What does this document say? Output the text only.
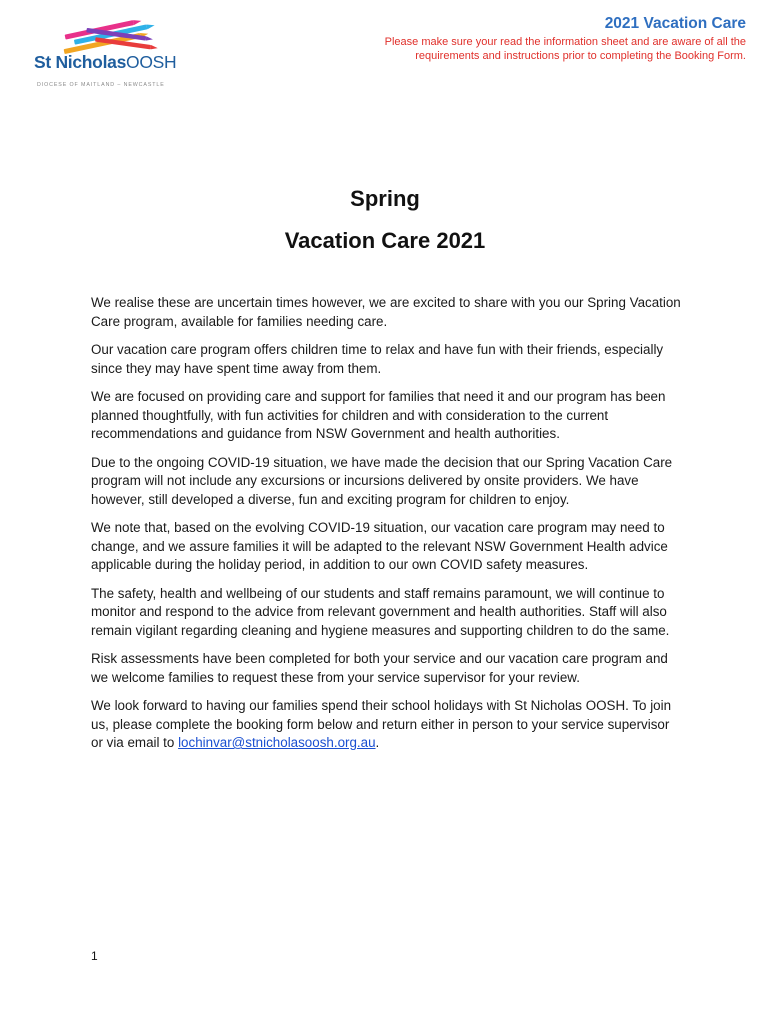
St NicholasOOSH
DIOCESE OF MAITLAND – NEWCASTLE
2021 Vacation Care
Please make sure your read the information sheet and are aware of all the
requirements and instructions prior to completing the Booking Form.
Spring
Vacation Care 2021

We realise these are uncertain times however, we are excited to share with you our Spring Vacation Care program, available for families needing care.

Our vacation care program offers children time to relax and have fun with their friends, especially since they may have spent time away from them.

We are focused on providing care and support for families that need it and our program has been planned thoughtfully, with fun activities for children and with consideration to the current recommendations and guidance from NSW Government and health authorities.

Due to the ongoing COVID-19 situation, we have made the decision that our Spring Vacation Care program will not include any excursions or incursions delivered by onsite providers. We have however, still developed a diverse, fun and exciting program for children to enjoy.

We note that, based on the evolving COVID-19 situation, our vacation care program may need to change, and we assure families it will be adapted to the relevant NSW Government Health advice applicable during the holiday period, in addition to our own COVID safety measures.

The safety, health and wellbeing of our students and staff remains paramount, we will continue to monitor and respond to the advice from relevant government and health authorities. Staff will also remain vigilant regarding cleaning and hygiene measures and supporting children to do the same.

Risk assessments have been completed for both your service and our vacation care program and we welcome families to request these from your service supervisor for your review.

We look forward to having our families spend their school holidays with St Nicholas OOSH. To join us, please complete the booking form below and return either in person to your service supervisor or via email to lochinvar@stnicholasoosh.org.au.

1
